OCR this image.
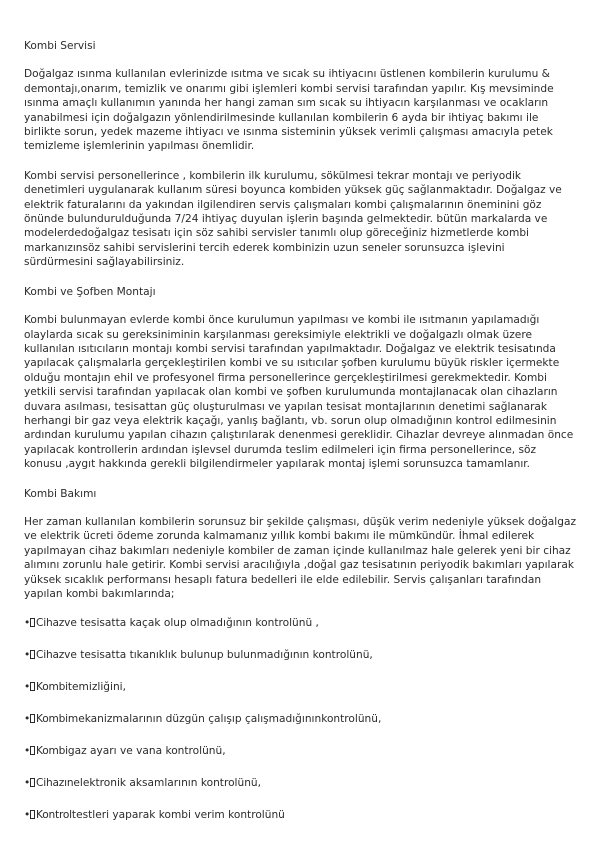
Kombi Servisi

Doğalgaz ısınma kullanılan evlerinizde ısıtma ve sıcak su ihtiyacını üstlenen kombilerin kurulumu & demontajı,onarım, temizlik ve onarımı gibi işlemleri kombi servisi tarafından yapılır. Kış mevsiminde ısınma amaçlı kullanımın yanında her hangi zaman sım sıcak su ihtiyacın karşılanması ve ocakların yanabilmesi için doğalgazın yönlendirilmesinde kullanılan kombilerin 6 ayda bir ihtiyaç bakımı ile birlikte sorun, yedek mazeme ihtiyacı ve ısınma sisteminin yüksek verimli çalışması amacıyla petek temizleme işlemlerinin yapılması önemlidir.

Kombi servisi personellerince , kombilerin ilk kurulumu, sökülmesi tekrar montajı ve periyodik denetimleri uygulanarak kullanım süresi boyunca kombiden yüksek güç sağlanmaktadır. Doğalgaz ve elektrik faturalarını da yakından ilgilendiren servis çalışmaları kombi çalışmalarının öneminini göz önünde bulundurulduğunda 7/24 ihtiyaç duyulan işlerin başında gelmektedir. bütün markalarda ve modelerdedoğalgaz tesisatı için söz sahibi servisler tanımlı olup göreceğiniz hizmetlerde kombi markanızınsöz sahibi servislerini tercih ederek kombinizin uzun seneler sorunsuzca işlevini sürdürmesini sağlayabilirsiniz.

Kombi ve Şofben Montajı

Kombi bulunmayan evlerde kombi önce kurulumun yapılması ve kombi ile ısıtmanın yapılamadığı olaylarda sıcak su gereksiniminin karşılanması gereksimiyle elektrikli ve doğalgazlı olmak üzere kullanılan ısıtıcıların montajı kombi servisi tarafından yapılmaktadır. Doğalgaz ve elektrik tesisatında yapılacak çalışmalarla gerçekleştirilen kombi ve su ısıtıcılar şofben kurulumu büyük riskler içermekte olduğu montajın ehil ve profesyonel firma personellerince gerçekleştirilmesi gerekmektedir. Kombi yetkili servisi tarafından yapılacak olan kombi ve şofben kurulumunda montajlanacak olan cihazların duvara asılması, tesisattan güç oluşturulması ve yapılan tesisat montajlarının denetimi sağlanarak herhangi bir gaz veya elektrik kaçağı, yanlış bağlantı, vb. sorun olup olmadığının kontrol edilmesinin ardından kurulumu yapılan cihazın çalıştırılarak denenmesi gereklidir. Cihazlar devreye alınmadan önce yapılacak kontrollerin ardından işlevsel durumda teslim edilmeleri için firma personellerince, söz konusu ,aygıt hakkında gerekli bilgilendirmeler yapılarak montaj işlemi sorunsuzca tamamlanır.

Kombi Bakımı

Her zaman kullanılan kombilerin sorunsuz bir şekilde çalışması, düşük verim nedeniyle yüksek doğalgaz ve elektrik ücreti ödeme zorunda kalmamanız yıllık kombi bakımı ile mümkündür. İhmal edilerek yapılmayan cihaz bakımları nedeniyle kombiler de zaman içinde kullanılmaz hale gelerek yeni bir cihaz alımını zorunlu hale getirir. Kombi servisi aracılığıyla ,doğal gaz tesisatının periyodik bakımları yapılarak yüksek sıcaklık performansı hesaplı fatura bedelleri ile elde edilebilir. Servis çalışanları tarafından yapılan kombi bakımlarında;

• Cihazve tesisatta kaçak olup olmadığının kontrolünü ,
• Cihazve tesisatta tıkanıklık bulunup bulunmadığının kontrolünü,
• Kombitemizliğini,
• Kombimekanizmalarının düzgün çalışıp çalışmadığınınkontrolünü,
• Kombigaz ayarı ve vana kontrolünü,
• Cihazınelektronik aksamlarının kontrolünü,
• Kontroltestleri yaparak kombi verim kontrolünü
